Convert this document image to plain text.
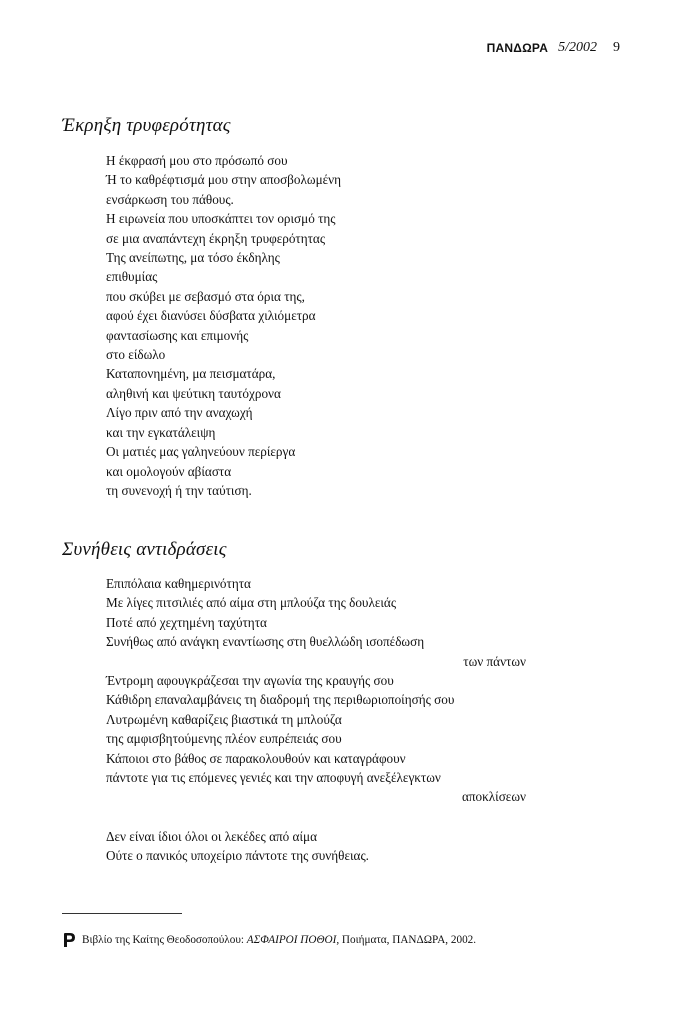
ΠΑΝΔΩΡΑ 5/2002 9
Έκρηξη τρυφερότητας
Η έκφρασή μου στο πρόσωπό σου
Ή το καθρέφτισμά μου στην αποσβολωμένη
ενσάρκωση του πάθους.
Η ειρωνεία που υποσκάπτει τον ορισμό της
σε μια αναπάντεχη έκρηξη τρυφερότητας
Της ανείπωτης, μα τόσο έκδηλης
επιθυμίας
που σκύβει με σεβασμό στα όρια της,
αφού έχει διανύσει δύσβατα χιλιόμετρα
φαντασίωσης και επιμονής
στο είδωλο
Καταπονημένη, μα πεισματάρα,
αληθινή και ψεύτικη ταυτόχρονα
Λίγο πριν από την αναχωχή
και την εγκατάλειψη
Οι ματιές μας γαληνεύουν περίεργα
και ομολογούν αβίαστα
τη συνενοχή ή την ταύτιση.
Συνήθεις αντιδράσεις
Επιπόλαια καθημερινότητα
Με λίγες πιτσιλιές από αίμα στη μπλούζα της δουλειάς
Ποτέ από χεχτημένη ταχύτητα
Συνήθως από ανάγκη εναντίωσης στη θυελλώδη ισοπέδωση
των πάντων
Έντρομη αφουγκράζεσαι την αγωνία της κραυγής σου
Κάθιδρη επαναλαμβάνεις τη διαδρομή της περιθωριοποίησής σου
Λυτρωμένη καθαρίζεις βιαστικά τη μπλούζα
της αμφισβητούμενης πλέον ευπρέπειάς σου
Κάποιοι στο βάθος σε παρακολουθούν και καταγράφουν
πάντοτε για τις επόμενες γενιές και την αποφυγή ανεξέλεγκτων
αποκλίσεων
Δεν είναι ίδιοι όλοι οι λεκέδες από αίμα
Ούτε ο πανικός υποχείριο πάντοτε της συνήθειας.
Βιβλίο της Καίτης Θεοδοσοπούλου: ΑΣΦΑΙΡΟΙ ΠΟΘΟΙ, Ποιήματα, ΠΑΝΔΩΡΑ, 2002.
